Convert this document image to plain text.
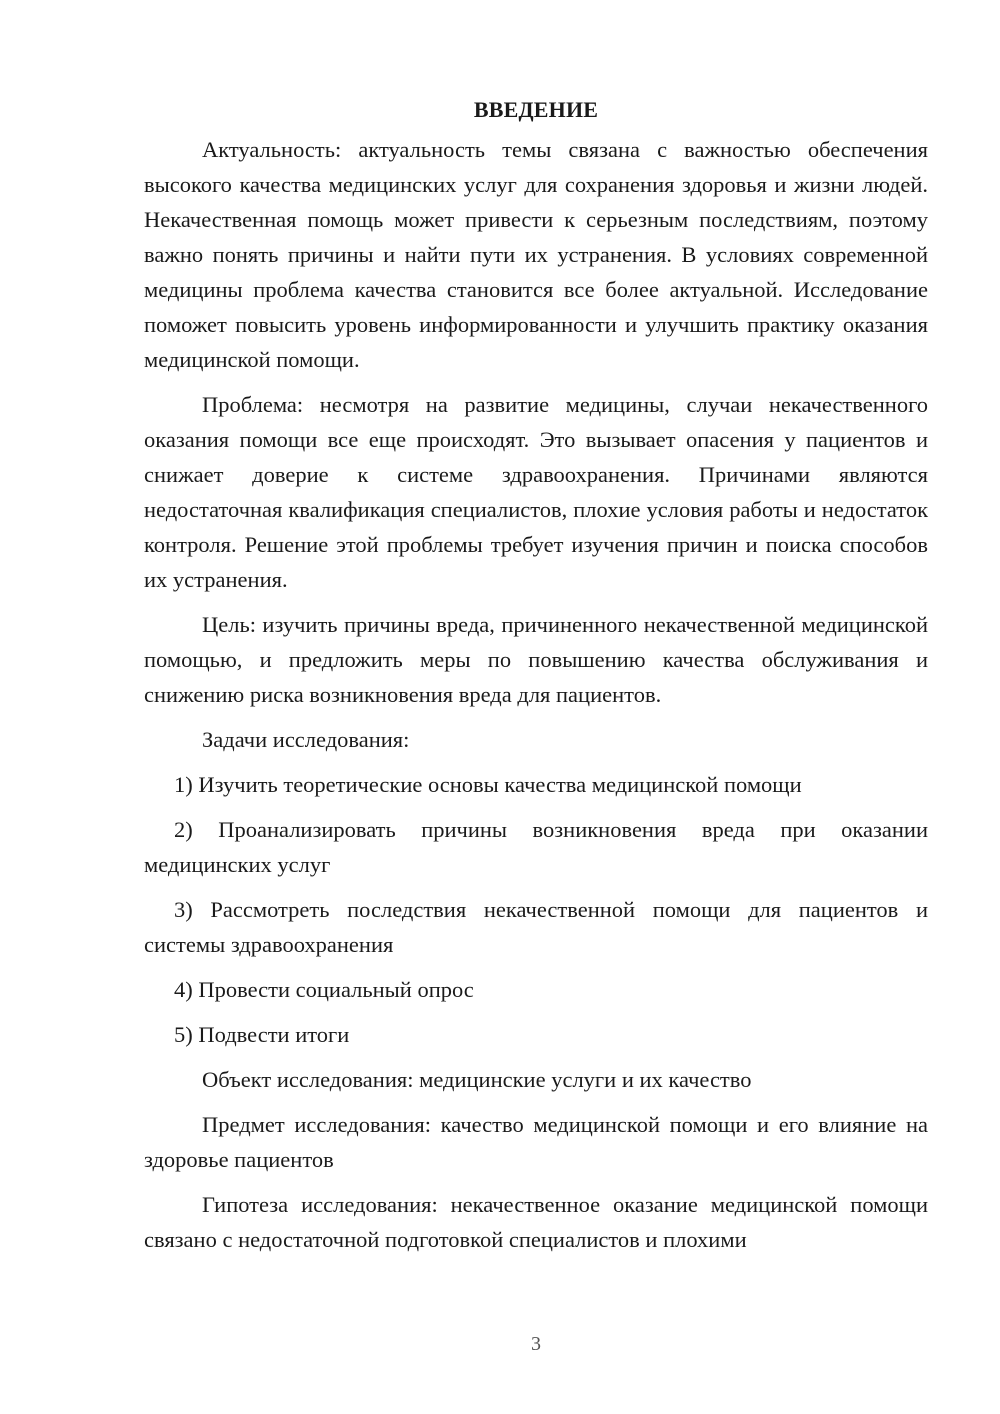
ВВЕДЕНИЕ

Актуальность: актуальность темы связана с важностью обеспечения высокого качества медицинских услуг для сохранения здоровья и жизни людей. Некачественная помощь может привести к серьезным последствиям, поэтому важно понять причины и найти пути их устранения. В условиях современной медицины проблема качества становится все более актуальной. Исследование поможет повысить уровень информированности и улучшить практику оказания медицинской помощи.

Проблема: несмотря на развитие медицины, случаи некачественного оказания помощи все еще происходят. Это вызывает опасения у пациентов и снижает доверие к системе здравоохранения. Причинами являются недостаточная квалификация специалистов, плохие условия работы и недостаток контроля. Решение этой проблемы требует изучения причин и поиска способов их устранения.

Цель: изучить причины вреда, причиненного некачественной медицинской помощью, и предложить меры по повышению качества обслуживания и снижению риска возникновения вреда для пациентов.

Задачи исследования:

1) Изучить теоретические основы качества медицинской помощи

2) Проанализировать причины возникновения вреда при оказании медицинских услуг

3) Рассмотреть последствия некачественной помощи для пациентов и системы здравоохранения

4) Провести социальный опрос

5) Подвести итоги

Объект исследования: медицинские услуги и их качество

Предмет исследования: качество медицинской помощи и его влияние на здоровье пациентов

Гипотеза исследования: некачественное оказание медицинской помощи связано с недостаточной подготовкой специалистов и плохими

3
